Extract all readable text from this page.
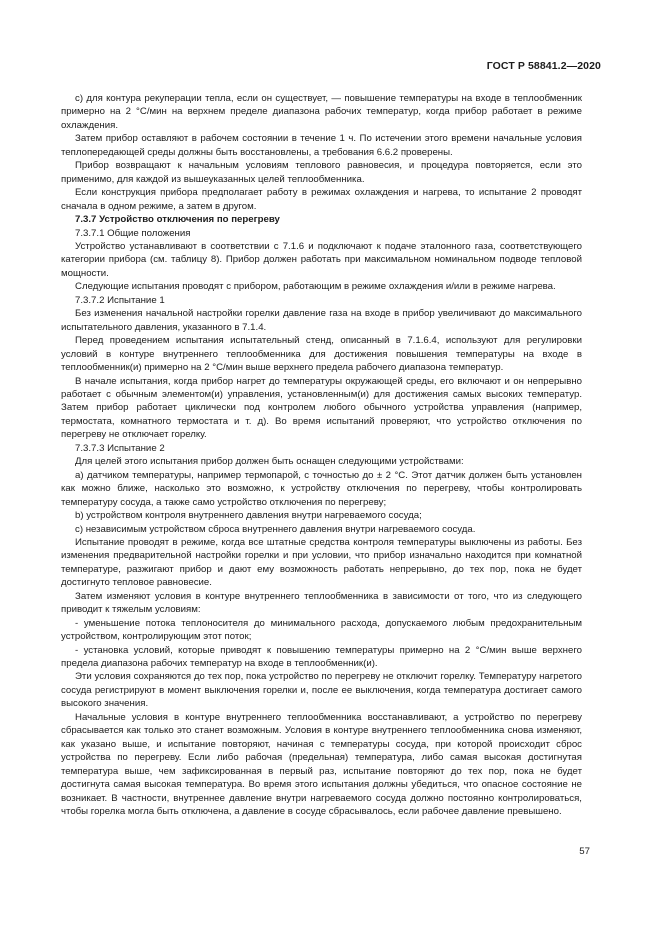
ГОСТ Р 58841.2—2020

c) для контура рекуперации тепла, если он существует, — повышение температуры на входе в теплообменник примерно на 2 °С/мин на верхнем пределе диапазона рабочих температур, когда прибор работает в режиме охлаждения.

Затем прибор оставляют в рабочем состоянии в течение 1 ч. По истечении этого времени начальные условия теплопередающей среды должны быть восстановлены, а требования 6.6.2 проверены.

Прибор возвращают к начальным условиям теплового равновесия, и процедура повторяется, если это применимо, для каждой из вышеуказанных целей теплообменника.

Если конструкция прибора предполагает работу в режимах охлаждения и нагрева, то испытание 2 проводят сначала в одном режиме, а затем в другом.

7.3.7 Устройство отключения по перегреву

7.3.7.1 Общие положения

Устройство устанавливают в соответствии с 7.1.6 и подключают к подаче эталонного газа, соответствующего категории прибора (см. таблицу 8). Прибор должен работать при максимальном номинальном подводе тепловой мощности.

Следующие испытания проводят с прибором, работающим в режиме охлаждения и/или в режиме нагрева.

7.3.7.2 Испытание 1

Без изменения начальной настройки горелки давление газа на входе в прибор увеличивают до максимального испытательного давления, указанного в 7.1.4.

Перед проведением испытания испытательный стенд, описанный в 7.1.6.4, используют для регулировки условий в контуре внутреннего теплообменника для достижения повышения температуры на входе в теплообменник(и) примерно на 2 °С/мин выше верхнего предела рабочего диапазона температур.

В начале испытания, когда прибор нагрет до температуры окружающей среды, его включают и он непрерывно работает с обычным элементом(и) управления, установленным(и) для достижения самых высоких температур. Затем прибор работает циклически под контролем любого обычного устройства управления (например, термостата, комнатного термостата и т. д). Во время испытаний проверяют, что устройство отключения по перегреву не отключает горелку.

7.3.7.3 Испытание 2

Для целей этого испытания прибор должен быть оснащен следующими устройствами:

а) датчиком температуры, например термопарой, с точностью до ± 2 °С. Этот датчик должен быть установлен как можно ближе, насколько это возможно, к устройству отключения по перегреву, чтобы контролировать температуру сосуда, а также само устройство отключения по перегреву;

b) устройством контроля внутреннего давления внутри нагреваемого сосуда;

c) независимым устройством сброса внутреннего давления внутри нагреваемого сосуда.

Испытание проводят в режиме, когда все штатные средства контроля температуры выключены из работы. Без изменения предварительной настройки горелки и при условии, что прибор изначально находится при комнатной температуре, разжигают прибор и дают ему возможность работать непрерывно, до тех пор, пока не будет достигнуто тепловое равновесие.

Затем изменяют условия в контуре внутреннего теплообменника в зависимости от того, что из следующего приводит к тяжелым условиям:

- уменьшение потока теплоносителя до минимального расхода, допускаемого любым предохранительным устройством, контролирующим этот поток;

- установка условий, которые приводят к повышению температуры примерно на 2 °С/мин выше верхнего предела диапазона рабочих температур на входе в теплообменник(и).

Эти условия сохраняются до тех пор, пока устройство по перегреву не отключит горелку. Температуру нагретого сосуда регистрируют в момент выключения горелки и, после ее выключения, когда температура достигает самого высокого значения.

Начальные условия в контуре внутреннего теплообменника восстанавливают, а устройство по перегреву сбрасывается как только это станет возможным. Условия в контуре внутреннего теплообменника снова изменяют, как указано выше, и испытание повторяют, начиная с температуры сосуда, при которой происходит сброс устройства по перегреву. Если либо рабочая (предельная) температура, либо самая высокая достигнутая температура выше, чем зафиксированная в первый раз, испытание повторяют до тех пор, пока не будет достигнута самая высокая температура. Во время этого испытания должны убедиться, что опасное состояние не возникает. В частности, внутреннее давление внутри нагреваемого сосуда должно постоянно контролироваться, чтобы горелка могла быть отключена, а давление в сосуде сбрасывалось, если рабочее давление превышено.

57
